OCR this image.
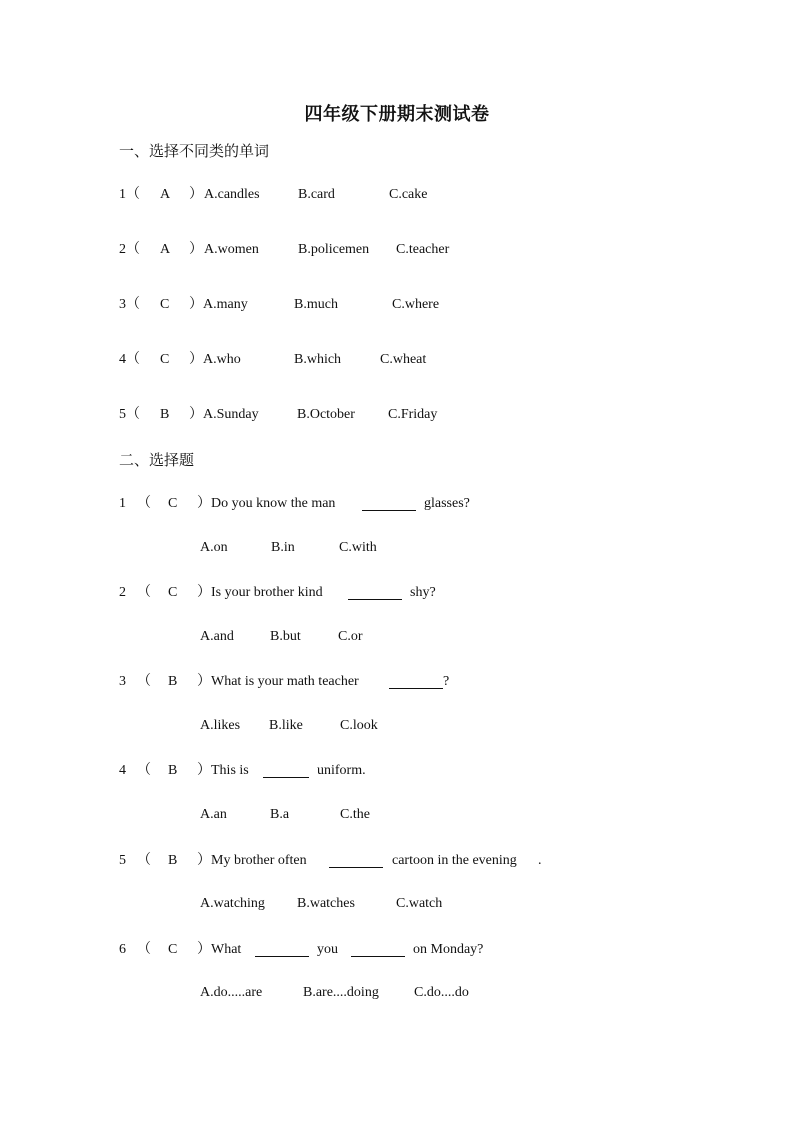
四年级下册期末测试卷
一、选择不同类的单词
1（ A ） A.candles	B.card	C.cake
2（ A ） A.women	B.policemen C.teacher
3（ C ） A.many	B.much	C.where
4（ C ） A.who	B.which	C.wheat
5（ B ） A.Sunday	B.October C.Friday
二、选择题
1 （ C ） Do you know the man	glasses?
A.on	B.in	C.with
2 （ C ） Is your brother kind	shy?
A.and	B.but	C.or
3 （ B ） What is your math teacher	?
A.likes B.like	C.look
4 （ B ） This is	uniform.
A.an	B.a	C.the
5 （ B ） My brother often	cartoon in the evening .
A.watching B.watches	C.watch
6 （ C ） What	you	on Monday?
A.do.....are	B.are....doing	C.do....do
